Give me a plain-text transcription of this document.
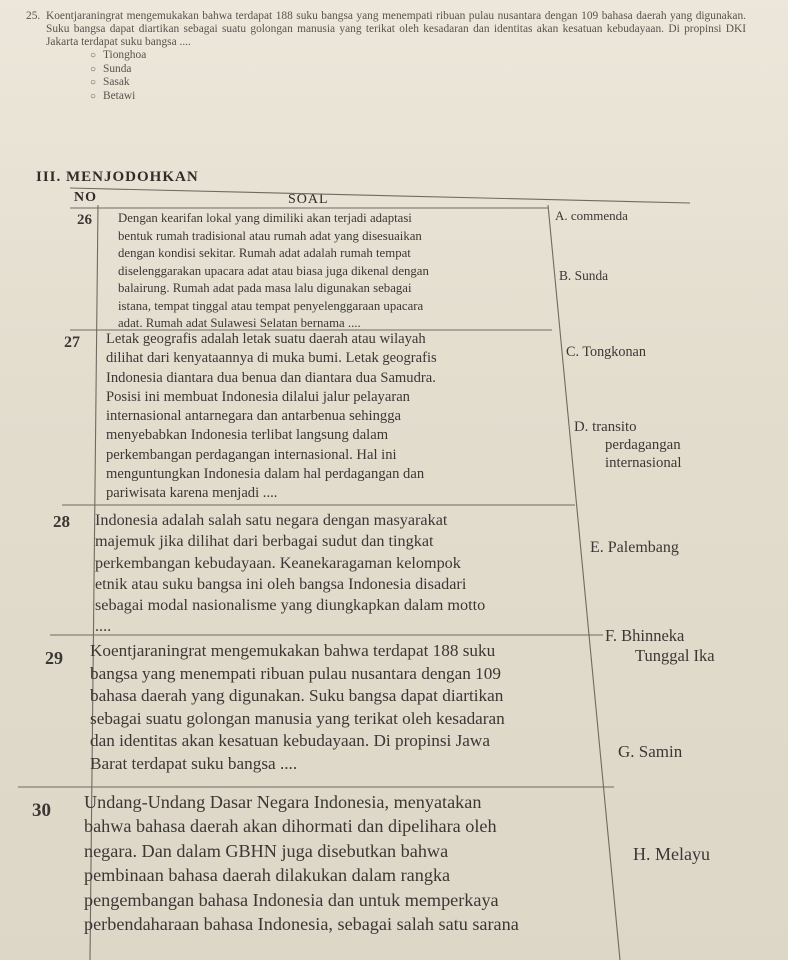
25. Koentjaraningrat mengemukakan bahwa terdapat 188 suku bangsa yang menempati ribuan pulau nusantara dengan 109 bahasa daerah yang digunakan. Suku bangsa dapat diartikan sebagai suatu golongan manusia yang terikat oleh kesadaran dan identitas akan kesatuan kebudayaan. Di propinsi DKI Jakarta terdapat suku bangsa ....
○ Tionghoa
○ Sunda
○ Sasak
○ Betawi
III. MENJODOHKAN
NO	SOAL
26
27
28
29
30
Dengan kearifan lokal yang dimiliki akan terjadi adaptasi
bentuk rumah tradisional atau rumah adat yang disesuaikan
dengan kondisi sekitar. Rumah adat adalah rumah tempat
diselenggarakan upacara adat atau biasa juga dikenal dengan
balairung. Rumah adat pada masa lalu digunakan sebagai
istana, tempat tinggal atau tempat penyelenggaraan upacara
adat. Rumah adat Sulawesi Selatan bernama ....
Letak geografis adalah letak suatu daerah atau wilayah
dilihat dari kenyataannya di muka bumi. Letak geografis
Indonesia diantara dua benua dan diantara dua Samudra.
Posisi ini membuat Indonesia dilalui jalur pelayaran
internasional antarnegara dan antarbenua sehingga
menyebabkan Indonesia terlibat langsung dalam
perkembangan perdagangan internasional. Hal ini
menguntungkan Indonesia dalam hal perdagangan dan
pariwisata karena menjadi ....
Indonesia adalah salah satu negara dengan masyarakat
majemuk jika dilihat dari berbagai sudut dan tingkat
perkembangan kebudayaan. Keanekaragaman kelompok
etnik atau suku bangsa ini oleh bangsa Indonesia disadari
sebagai modal nasionalisme yang diungkapkan dalam motto
....
Koentjaraningrat mengemukakan bahwa terdapat 188 suku
bangsa yang menempati ribuan pulau nusantara dengan 109
bahasa daerah yang digunakan. Suku bangsa dapat diartikan
sebagai suatu golongan manusia yang terikat oleh kesadaran
dan identitas akan kesatuan kebudayaan. Di propinsi Jawa
Barat terdapat suku bangsa ....
Undang-Undang Dasar Negara Indonesia, menyatakan
bahwa bahasa daerah akan dihormati dan dipelihara oleh
negara. Dan dalam GBHN juga disebutkan bahwa
pembinaan bahasa daerah dilakukan dalam rangka
pengembangan bahasa Indonesia dan untuk memperkaya
perbendaharaan bahasa Indonesia, sebagai salah satu sarana
A. commenda
B. Sunda
C. Tongkonan
D. transito
perdagangan
internasional
E. Palembang
F. Bhinneka
Tunggal Ika
G. Samin
H. Melayu
